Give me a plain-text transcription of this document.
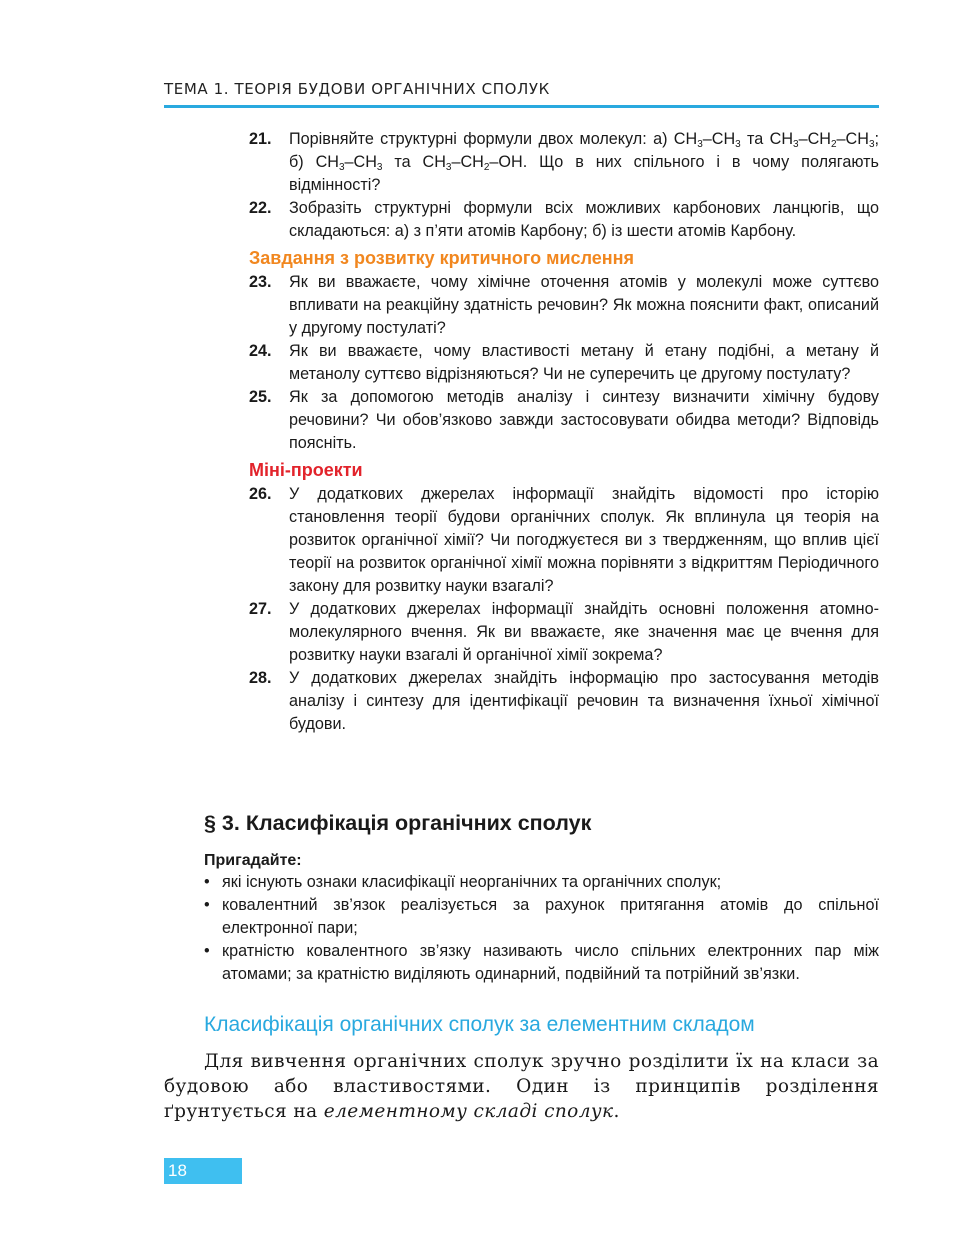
ТЕМА 1. ТЕОРІЯ БУДОВИ ОРГАНІЧНИХ СПОЛУК
21. Порівняйте структурні формули двох молекул: а) $CH_3-CH_3$ та $CH_3-CH_2-CH_3$; б) $CH_3-CH_3$ та $CH_3-CH_2-OH$. Що в них спільного і в чому полягають відмінності?
22. Зобразіть структурні формули всіх можливих карбонових ланцюгів, що складаються: а) з п’яти атомів Карбону; б) із шести атомів Карбону.
Завдання з розвитку критичного мислення
23. Як ви вважаєте, чому хімічне оточення атомів у молекулі може суттєво впливати на реакційну здатність речовин? Як можна пояснити факт, описаний у другому постулаті?
24. Як ви вважаєте, чому властивості метану й етану подібні, а метану й метанолу суттєво відрізняються? Чи не суперечить це другому постулату?
25. Як за допомогою методів аналізу і синтезу визначити хімічну будову речовини? Чи обов’язково завжди застосовувати обидва методи? Відповідь поясніть.
Міні-проекти
26. У додаткових джерелах інформації знайдіть відомості про історію становлення теорії будови органічних сполук. Як вплинула ця теорія на розвиток органічної хімії? Чи погоджуєтеся ви з твердженням, що вплив цієї теорії на розвиток органічної хімії можна порівняти з відкриттям Періодичного закону для розвитку науки взагалі?
27. У додаткових джерелах інформації знайдіть основні положення атомно-молекулярного вчення. Як ви вважаєте, яке значення має це вчення для розвитку науки взагалі й органічної хімії зокрема?
28. У додаткових джерелах знайдіть інформацію про застосування методів аналізу і синтезу для ідентифікації речовин та визначення їхньої хімічної будови.
§ 3. Класифікація органічних сполук
Пригадайте:
• які існують ознаки класифікації неорганічних та органічних сполук;
• ковалентний зв’язок реалізується за рахунок притягання атомів до спільної електронної пари;
• кратністю ковалентного зв’язку називають число спільних електронних пар між атомами; за кратністю виділяють одинарний, подвійний та потрійний зв’язки.
Класифікація органічних сполук за елементним складом
Для вивчення органічних сполук зручно розділити їх на класи за будовою або властивостями. Один із принципів розділення ґрунтується на елементному складі сполук.
18
